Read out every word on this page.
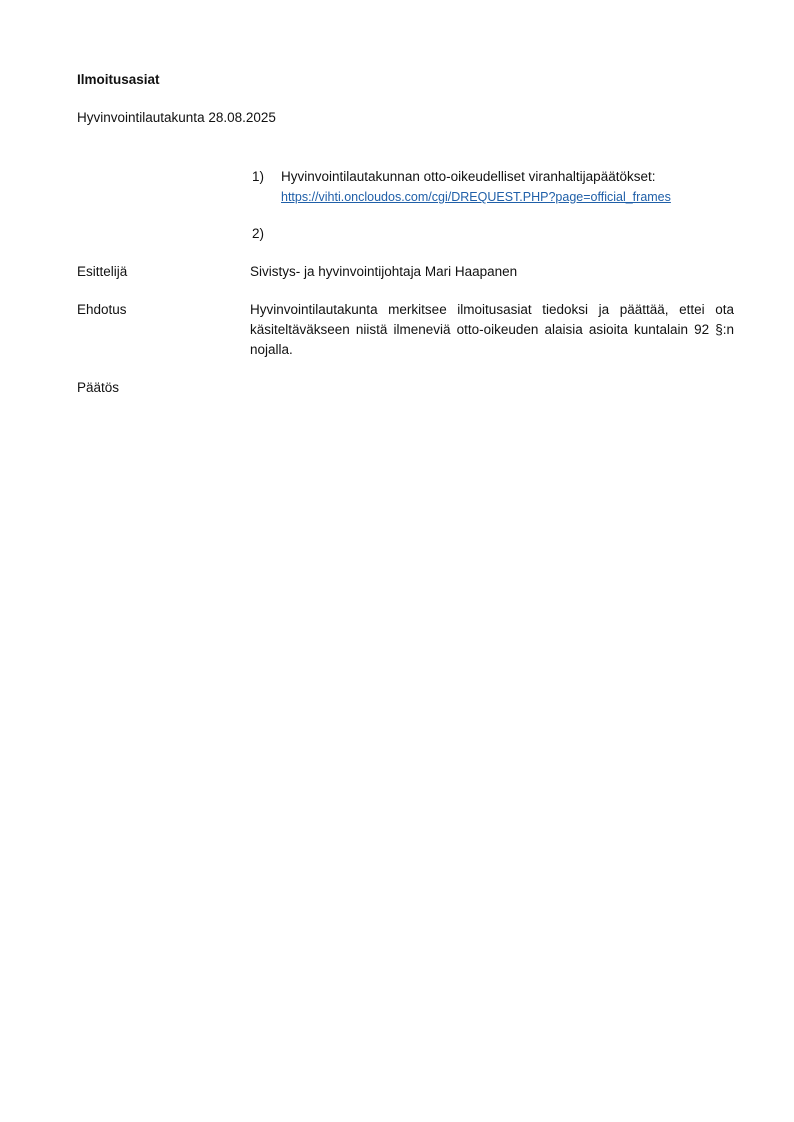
Ilmoitusasiat
Hyvinvointilautakunta 28.08.2025
1)	Hyvinvointilautakunnan otto-oikeudelliset viranhaltijapäätökset:
https://vihti.oncloudos.com/cgi/DREQUEST.PHP?page=official_frames
2)
Esittelijä	Sivistys- ja hyvinvointijohtaja Mari Haapanen
Ehdotus	Hyvinvointilautakunta merkitsee ilmoitusasiat tiedoksi ja päättää, ettei ota käsiteltäväkseen niistä ilmeneviä otto-oikeuden alaisia asioita kuntalain 92 §:n nojalla.
Päätös
